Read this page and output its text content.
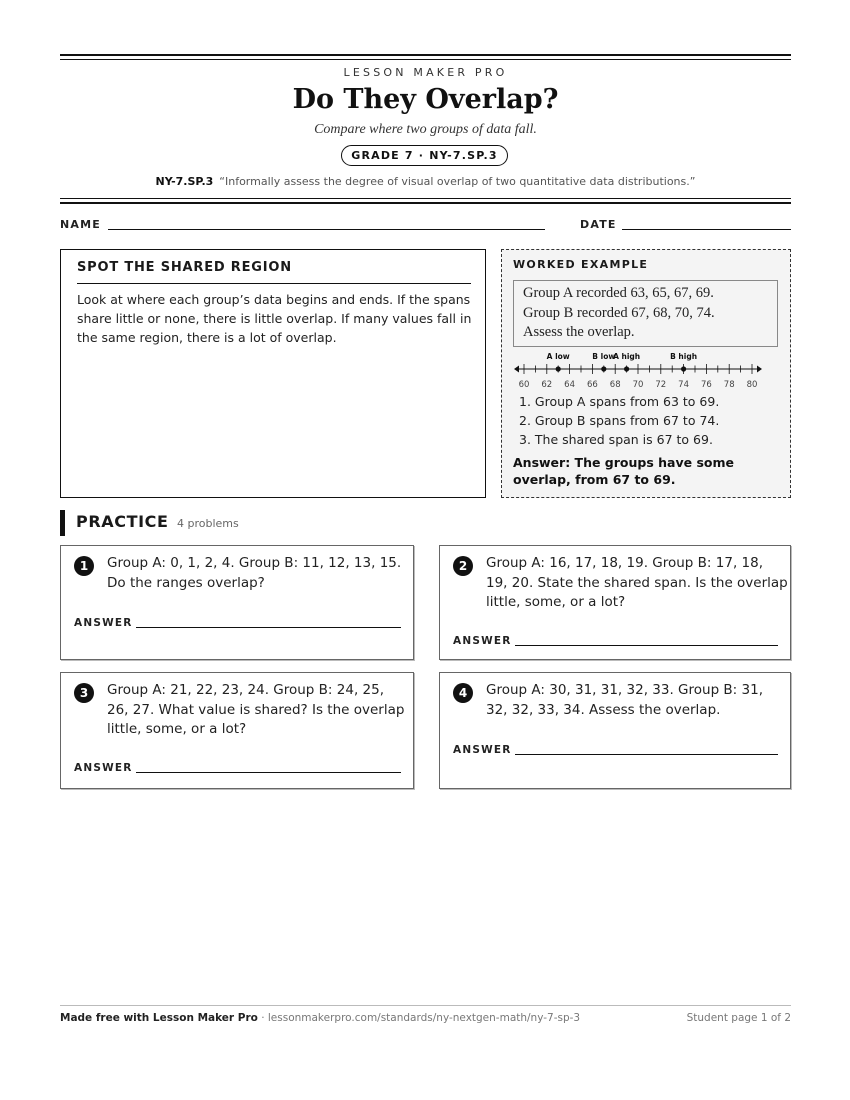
LESSON MAKER PRO
Do They Overlap?
Compare where two groups of data fall.
GRADE 7 · NY-7.SP.3
NY-7.SP.3 “Informally assess the degree of visual overlap of two quantitative data distributions.”
NAME	DATE
SPOT THE SHARED REGION

Look at where each group’s data begins and ends. If the spans share little or none, there is little overlap. If many values fall in the same region, there is a lot of overlap.

WORKED EXAMPLE
Group A recorded 63, 65, 67, 69.
Group B recorded 67, 68, 70, 74.
Assess the overlap.
60 62 64 66 68 70 72 74 76 78 80
A low	B low
A high	B high
1. Group A spans from 63 to 69.
2. Group B spans from 67 to 74.
3. The shared span is 67 to 69.
Answer: The groups have some overlap, from 67 to 69.
PRACTICE 4 problems
1	Group A: 0, 1, 2, 4. Group B: 11, 12, 13, 15.
Do the ranges overlap?
ANSWER
2	Group A: 16, 17, 18, 19. Group B: 17, 18,
19, 20. State the shared span. Is the overlap
little, some, or a lot?
ANSWER
3	Group A: 21, 22, 23, 24. Group B: 24, 25,
26, 27. What value is shared? Is the overlap
little, some, or a lot?
ANSWER
4	Group A: 30, 31, 31, 32, 33. Group B: 31,
32, 32, 33, 34. Assess the overlap.
ANSWER
Made free with Lesson Maker Pro · lessonmakerpro.com/standards/ny-nextgen-math/ny-7-sp-3	Student page 1 of 2
